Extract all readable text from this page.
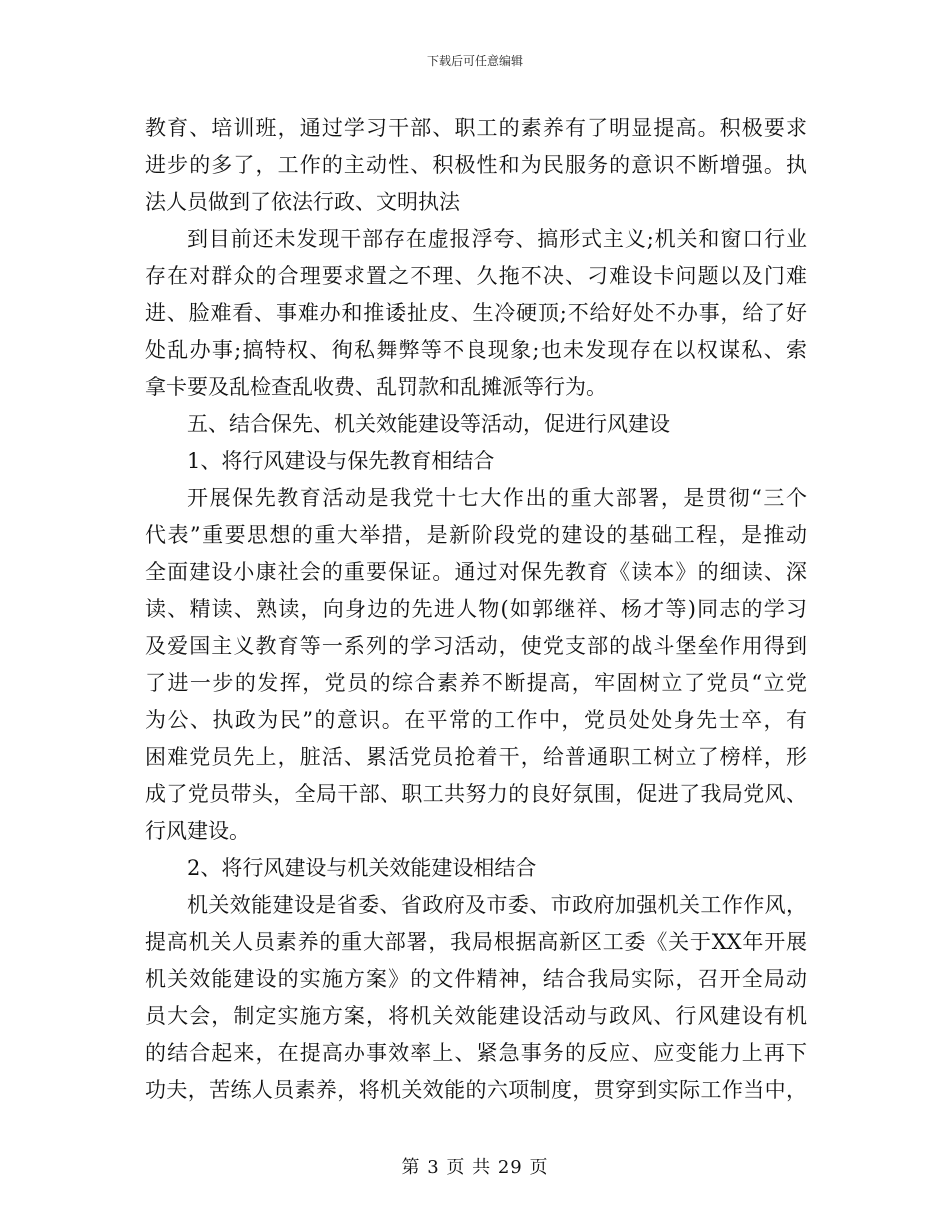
下载后可任意编辑
教育、培训班，通过学习干部、职工的素养有了明显提高。积极要求
进步的多了，工作的主动性、积极性和为民服务的意识不断增强。执
法人员做到了依法行政、文明执法
到目前还未发现干部存在虚报浮夸、搞形式主义;机关和窗口行业
存在对群众的合理要求置之不理、久拖不决、刁难设卡问题以及门难
进、脸难看、事难办和推诿扯皮、生冷硬顶;不给好处不办事，给了好
处乱办事;搞特权、徇私舞弊等不良现象;也未发现存在以权谋私、索
拿卡要及乱检查乱收费、乱罚款和乱摊派等行为。
五、结合保先、机关效能建设等活动，促进行风建设
1、将行风建设与保先教育相结合
开展保先教育活动是我党十七大作出的重大部署，是贯彻“三个
代表”重要思想的重大举措，是新阶段党的建设的基础工程，是推动
全面建设小康社会的重要保证。通过对保先教育《读本》的细读、深
读、精读、熟读，向身边的先进人物(如郭继祥、杨才等)同志的学习
及爱国主义教育等一系列的学习活动，使党支部的战斗堡垒作用得到
了进一步的发挥，党员的综合素养不断提高，牢固树立了党员“立党
为公、执政为民”的意识。在平常的工作中，党员处处身先士卒，有
困难党员先上，脏活、累活党员抢着干，给普通职工树立了榜样，形
成了党员带头，全局干部、职工共努力的良好氛围，促进了我局党风、
行风建设。
2、将行风建设与机关效能建设相结合
机关效能建设是省委、省政府及市委、市政府加强机关工作作风，
提高机关人员素养的重大部署，我局根据高新区工委《关于XX年开展
机关效能建设的实施方案》的文件精神，结合我局实际，召开全局动
员大会，制定实施方案，将机关效能建设活动与政风、行风建设有机
的结合起来，在提高办事效率上、紧急事务的反应、应变能力上再下
功夫，苦练人员素养，将机关效能的六项制度，贯穿到实际工作当中，
第 3 页 共 29 页
